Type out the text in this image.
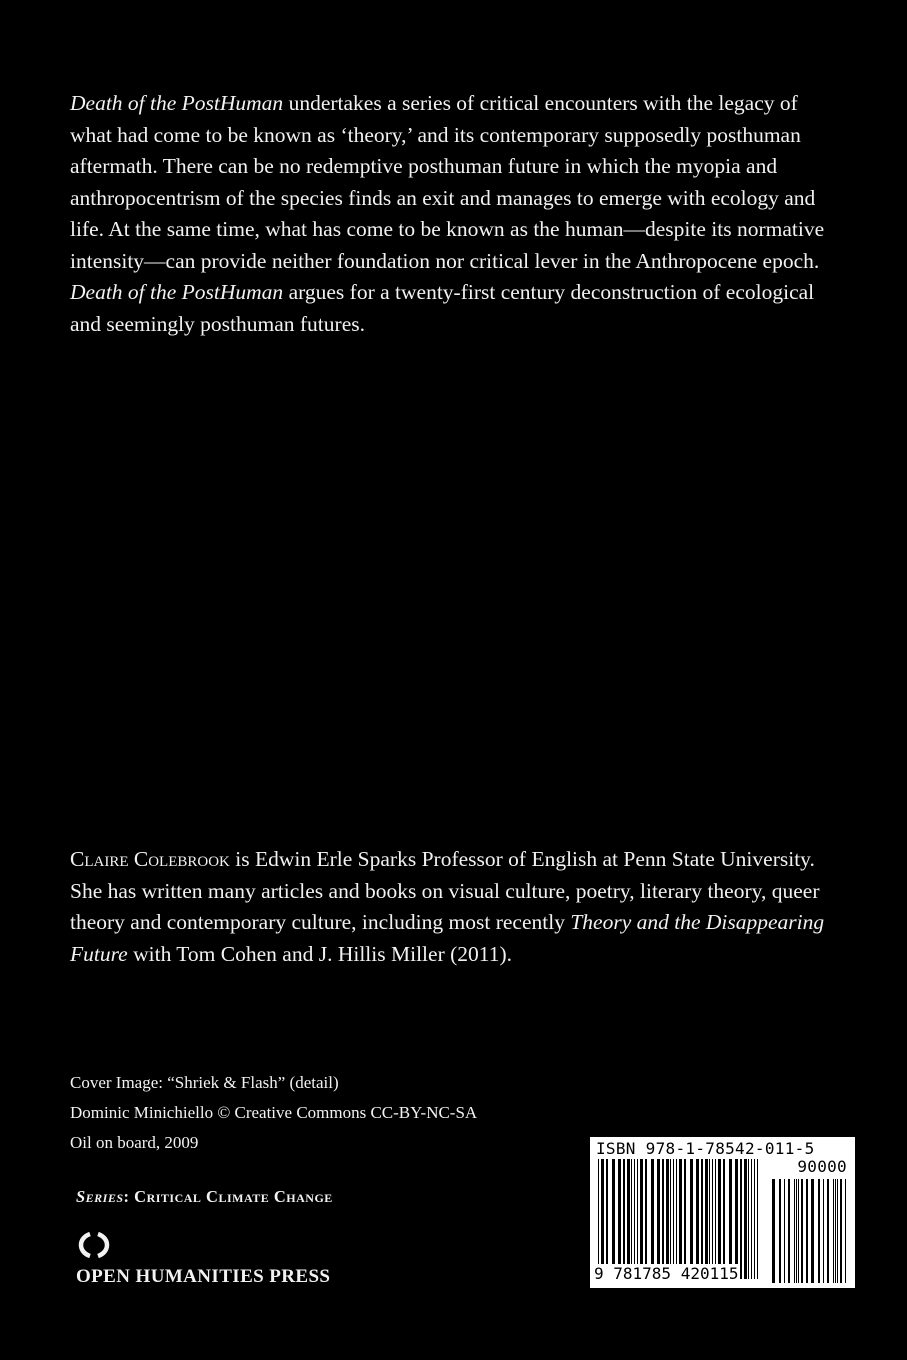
Death of the PostHuman undertakes a series of critical encounters with the legacy of what had come to be known as ‘theory,’ and its contemporary supposedly posthuman aftermath. There can be no redemptive posthuman future in which the myopia and anthropocentrism of the species finds an exit and manages to emerge with ecology and life. At the same time, what has come to be known as the human—despite its normative intensity—can provide neither foundation nor critical lever in the Anthropocene epoch. Death of the PostHuman argues for a twenty-first century deconstruction of ecological and seemingly posthuman futures.

Claire Colebrook is Edwin Erle Sparks Professor of English at Penn State University. She has written many articles and books on visual culture, poetry, literary theory, queer theory and contemporary culture, including most recently Theory and the Disappearing Future with Tom Cohen and J. Hillis Miller (2011).

Cover Image: “Shriek & Flash” (detail)
Dominic Minichiello © Creative Commons CC-BY-NC-SA
Oil on board, 2009
Series: Critical Climate Change
OPEN HUMANITIES PRESS
ISBN 978-1-78542-011-5
90000
9 781785 420115
